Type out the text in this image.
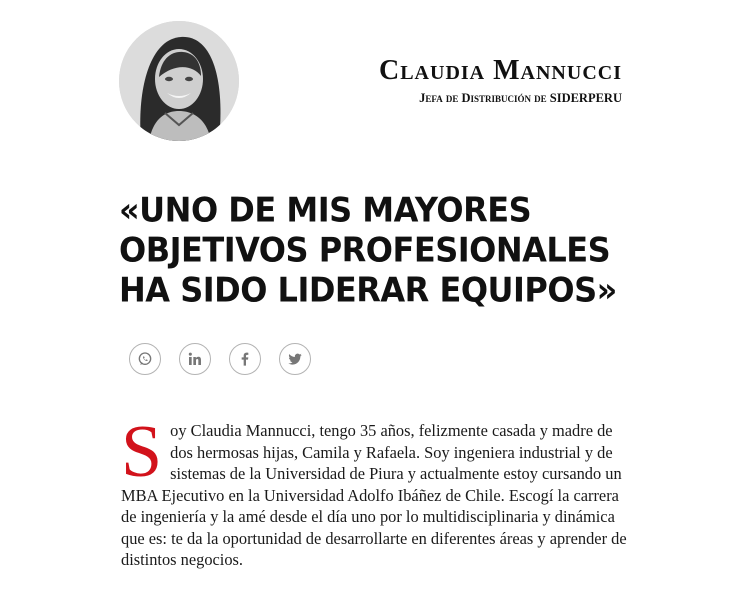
Claudia Mannucci
Jefa de Distribución de SIDERPERU
«UNO DE MIS MAYORES OBJETIVOS PROFESIONALES HA SIDO LIDERAR EQUIPOS»

Soy Claudia Mannucci, tengo 35 años, felizmente casada y madre de dos hermosas hijas, Camila y Rafaela. Soy ingeniera industrial y de sistemas de la Universidad de Piura y actualmente estoy cursando un MBA Ejecutivo en la Universidad Adolfo Ibáñez de Chile. Escogí la carrera de ingeniería y la amé desde el día uno por lo multidisciplinaria y dinámica que es: te da la oportunidad de desarrollarte en diferentes áreas y aprender de distintos negocios.
